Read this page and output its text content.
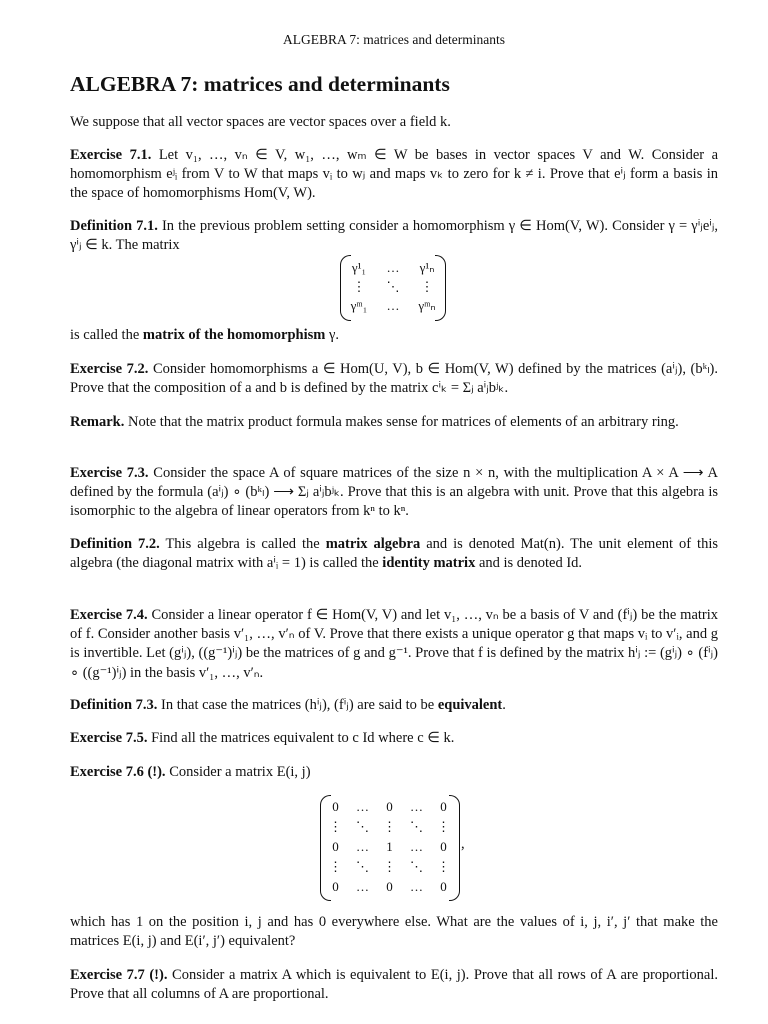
ALGEBRA 7: matrices and determinants
ALGEBRA 7: matrices and determinants

We suppose that all vector spaces are vector spaces over a field k.

Exercise 7.1. Let v₁, …, vₙ ∈ V, w₁, …, wₘ ∈ W be bases in vector spaces V and W. Consider a homomorphism eʲᵢ from V to W that maps vᵢ to wⱼ and maps vₖ to zero for k ≠ i. Prove that eⁱⱼ form a basis in the space of homomorphisms Hom(V, W).

Definition 7.1. In the previous problem setting consider a homomorphism γ ∈ Hom(V, W). Consider γ = γⁱⱼeⁱⱼ, γⁱⱼ ∈ k. The matrix

γ¹₁	…	γ¹ₙ
⋮	⋱	⋮
γᵐ₁	…	γᵐₙ

is called the matrix of the homomorphism γ.

Exercise 7.2. Consider homomorphisms a ∈ Hom(U, V), b ∈ Hom(V, W) defined by the matrices (aⁱⱼ), (bᵏₗ). Prove that the composition of a and b is defined by the matrix cⁱₖ = Σⱼ aⁱⱼbʲₖ.

Remark. Note that the matrix product formula makes sense for matrices of elements of an arbitrary ring.

Exercise 7.3. Consider the space A of square matrices of the size n × n, with the multiplication A × A ⟶ A defined by the formula (aⁱⱼ) ∘ (bᵏₗ) ⟶ Σⱼ aⁱⱼbʲₖ. Prove that this is an algebra with unit. Prove that this algebra is isomorphic to the algebra of linear operators from kⁿ to kⁿ.

Definition 7.2. This algebra is called the matrix algebra and is denoted Mat(n). The unit element of this algebra (the diagonal matrix with aⁱᵢ = 1) is called the identity matrix and is denoted Id.

Exercise 7.4. Consider a linear operator f ∈ Hom(V, V) and let v₁, …, vₙ be a basis of V and (fⁱⱼ) be the matrix of f. Consider another basis v′₁, …, v′ₙ of V. Prove that there exists a unique operator g that maps vᵢ to v′ᵢ, and g is invertible. Let (gⁱⱼ), ((g⁻¹)ⁱⱼ) be the matrices of g and g⁻¹. Prove that f is defined by the matrix hⁱⱼ := (gⁱⱼ) ∘ (fⁱⱼ) ∘ ((g⁻¹)ⁱⱼ) in the basis v′₁, …, v′ₙ.

Definition 7.3. In that case the matrices (hⁱⱼ), (fⁱⱼ) are said to be equivalent.

Exercise 7.5. Find all the matrices equivalent to c Id where c ∈ k.

Exercise 7.6 (!). Consider a matrix E(i, j)

0	…	0	…	0
⋮	⋱	⋮	⋱	⋮
0	…	1	…	0
⋮	⋱	⋮	⋱	⋮
0	…	0	…	0
,

which has 1 on the position i, j and has 0 everywhere else. What are the values of i, j, i′, j′ that make the matrices E(i, j) and E(i′, j′) equivalent?

Exercise 7.7 (!). Consider a matrix A which is equivalent to E(i, j). Prove that all rows of A are proportional. Prove that all columns of A are proportional.
